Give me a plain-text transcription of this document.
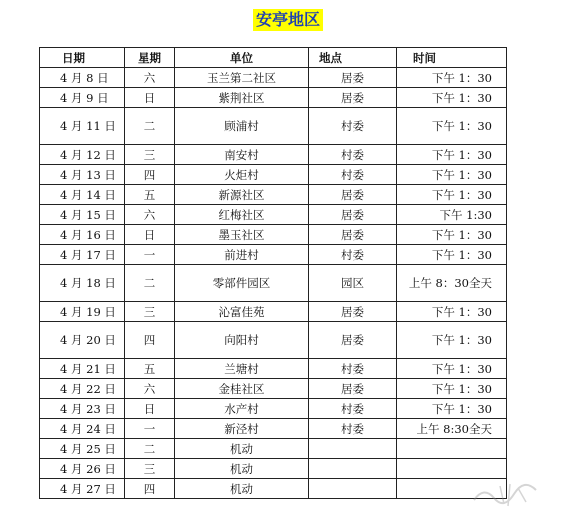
安亭地区
日期	星期	单位	地点	时间
4 月 8 日	六	玉兰第二社区	居委	下午 1：30
4 月 9 日	日	紫荆社区	居委	下午 1：30
4 月 11 日	二	顾浦村	村委	下午 1：30
4 月 12 日	三	南安村	村委	下午 1：30
4 月 13 日	四	火炬村	村委	下午 1：30
4 月 14 日	五	新源社区	居委	下午 1：30
4 月 15 日	六	红梅社区	居委	下午 1:30
4 月 16 日	日	墨玉社区	居委	下午 1：30
4 月 17 日	一	前进村	村委	下午 1：30
4 月 18 日	二	零部件园区	园区	上午 8：30全天
4 月 19 日	三	沁富佳苑	居委	下午 1：30
4 月 20 日	四	向阳村	居委	下午 1：30
4 月 21 日	五	兰塘村	村委	下午 1：30
4 月 22 日	六	金桂社区	居委	下午 1：30
4 月 23 日	日	水产村	村委	下午 1：30
4 月 24 日	一	新泾村	村委	上午 8:30全天
4 月 25 日	二	机动		
4 月 26 日	三	机动		
4 月 27 日	四	机动		
